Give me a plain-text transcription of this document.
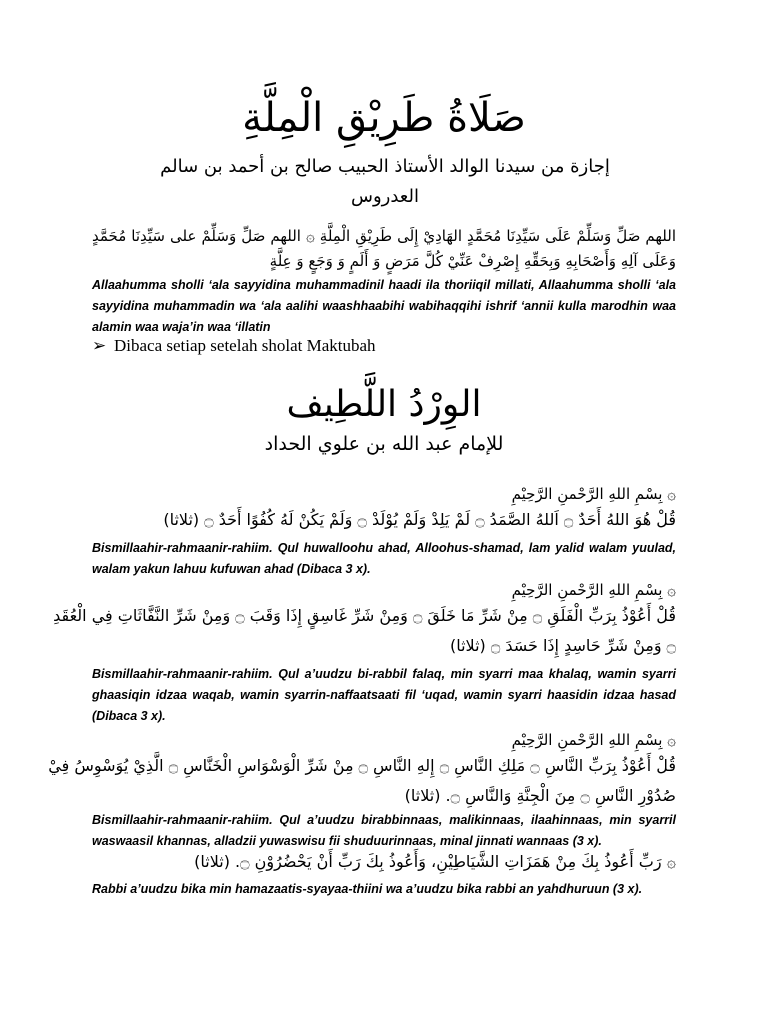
صَلَاةُ طَرِيْقِ الْمِلَّةِ
إجازة من سيدنا الوالد الأستاذ الحبيب صالح بن أحمد بن سالم العدروس
اللهم صَلِّ وَسَلِّمْ عَلَى سَيِّدِنَا مُحَمَّدٍ الهَادِيْ إِلَى طَرِيْقِ الْمِلَّةِ ۞ اللهم صَلِّ وَسَلِّمْ على سَيِّدِنَا مُحَمَّدٍ وَعَلَى آلِهِ وَأَصْحَابِهِ وَبِحَقِّهِ إِصْرِفْ عَنِّيْ كُلَّ مَرَضٍ وَ أَلَمٍ وَ وَجَعٍ وَ عِلَّةٍ
Allaahumma sholli ‘ala sayyidina muhammadinil haadi ila thoriiqil millati, Allaahumma sholli ‘ala sayyidina muhammadin wa ‘ala aalihi waashhaabihi wabihaqqihi ishrif ‘annii kulla marodhin waa alamin waa waja’in waa ‘illatin
➢ Dibaca setiap setelah sholat Maktubah
الوِرْدُ اللَّطِيف
للإمام عبد الله بن علوي الحداد
۞ بِسْمِ اللهِ الرَّحْمنِ الرَّحِيْمِ
قُلْ هُوَ اللهُ أَحَدٌ ۝ اَللهُ الصَّمَدُ ۝ لَمْ يَلِدْ وَلَمْ يُوْلَدْ ۝ وَلَمْ يَكُنْ لَهُ كُفُوًا أَحَدٌ ۝ (ثلاثا)
Bismillaahir-rahmaanir-rahiim. Qul huwalloohu ahad, Alloohus-shamad, lam yalid walam yuulad, walam yakun lahuu kufuwan ahad (Dibaca 3 x).
۞ بِسْمِ اللهِ الرَّحْمنِ الرَّحِيْمِ
قُلْ أَعُوْذُ بِرَبِّ الْفَلَقِ ۝ مِنْ شَرِّ مَا خَلَقَ ۝ وَمِنْ شَرِّ غَاسِقٍ إِذَا وَقَبَ ۝ وَمِنْ شَرِّ النَّفَّاثَاتِ فِي الْعُقَدِ
۝ وَمِنْ شَرِّ حَاسِدٍ إِذَا حَسَدَ ۝ (ثلاثا)
Bismillaahir-rahmaanir-rahiim. Qul a’uudzu bi-rabbil falaq, min syarri maa khalaq, wamin syarri ghaasiqin idzaa waqab, wamin syarrin-naffaatsaati fil ‘uqad, wamin syarri haasidin idzaa hasad (Dibaca 3 x).
۞ بِسْمِ اللهِ الرَّحْمنِ الرَّحِيْمِ
قُلْ أَعُوْذُ بِرَبِّ النَّاسِ ۝ مَلِكِ النَّاسِ ۝ إِلهِ النَّاسِ ۝ مِنْ شَرِّ الْوَسْوَاسِ الْخَنَّاسِ ۝ الَّذِيْ يُوَسْوِسُ فِيْ
صُدُوْرِ النَّاسِ ۝ مِنَ الْجِنَّةِ وَالنَّاسِ ۝. (ثلاثا)
Bismillaahir-rahmaanir-rahiim. Qul a’uudzu birabbinnaas, malikinnaas, ilaahinnaas, min syarril waswaasil khannas, alladzii yuwaswisu fii shuduurinnaas, minal jinnati wannaas (3 x).
۞ رَبِّ أَعُوذُ بِكَ مِنْ هَمَزَاتِ الشَّيَاطِيْنِ، وَأَعُوذُ بِكَ رَبِّ أَنْ يَحْضُرُوْنِ ۝. (ثلاثا)
Rabbi a’uudzu bika min hamazaatis-syayaa-thiini wa a’uudzu bika rabbi an yahdhuruun (3 x).
